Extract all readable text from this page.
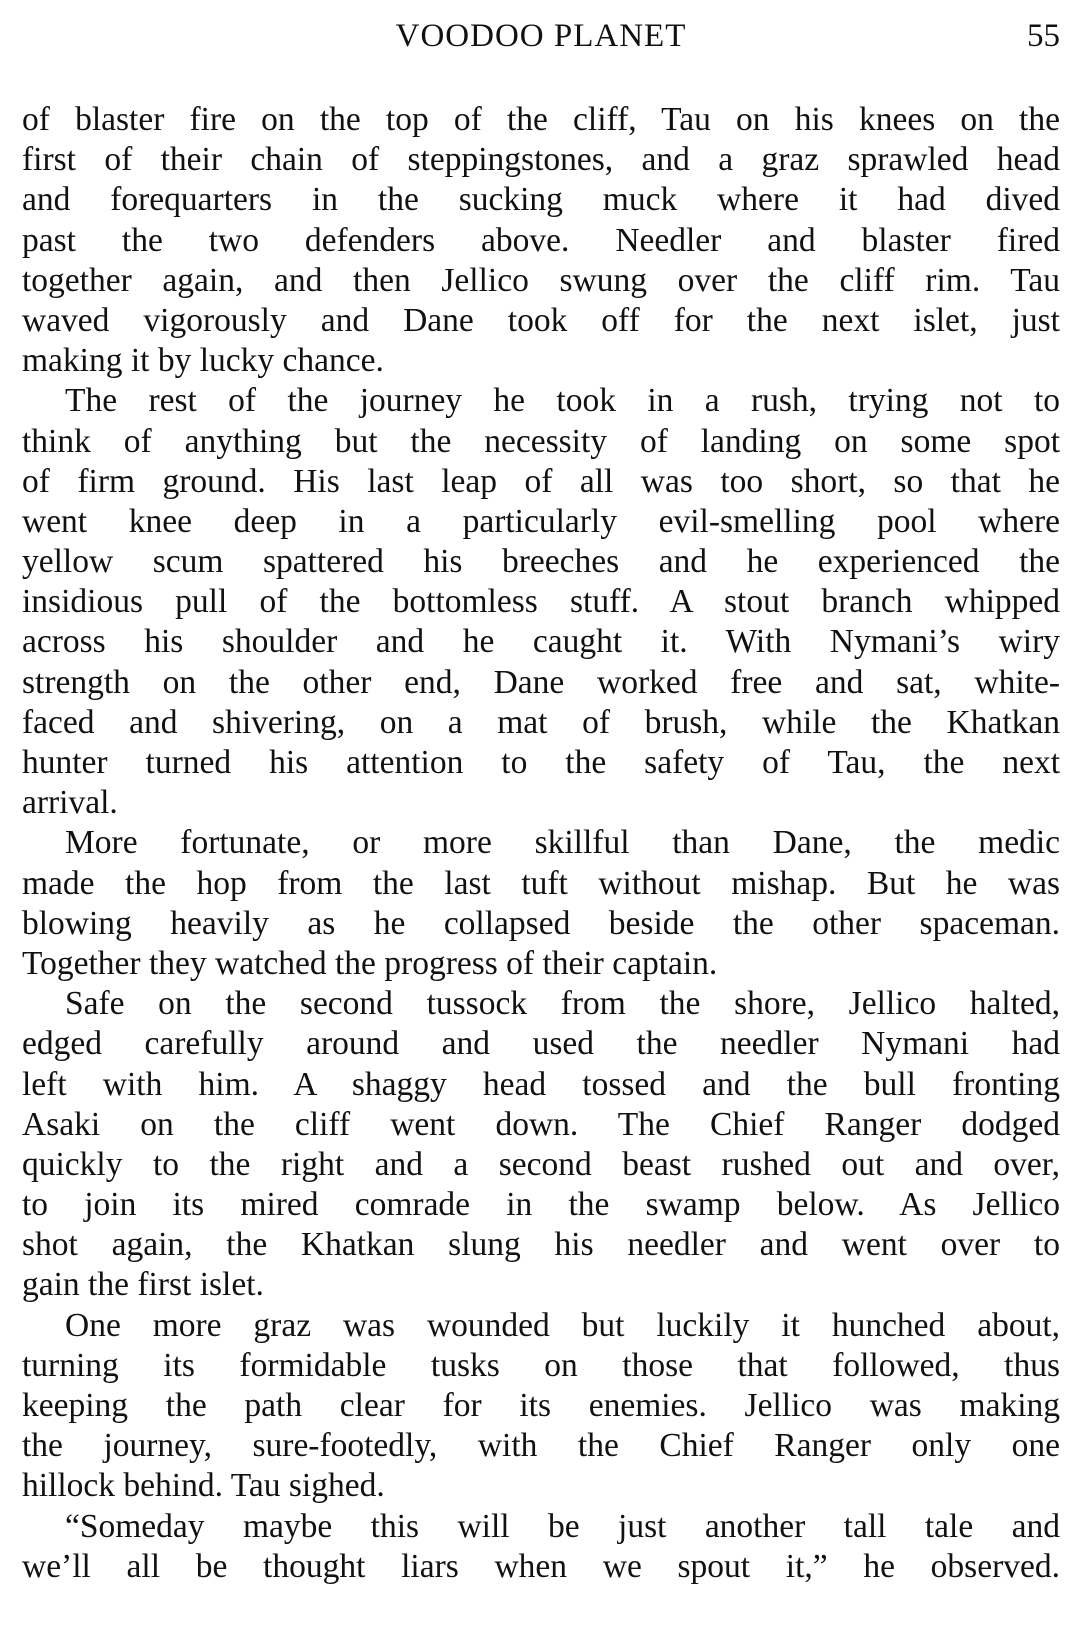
VOODOO PLANET	55

of blaster fire on the top of the cliff, Tau on his knees on the
first of their chain of steppingstones, and a graz sprawled head
and forequarters in the sucking muck where it had dived
past the two defenders above. Needler and blaster fired
together again, and then Jellico swung over the cliff rim. Tau
waved vigorously and Dane took off for the next islet, just
making it by lucky chance.

The rest of the journey he took in a rush, trying not to
think of anything but the necessity of landing on some spot
of firm ground. His last leap of all was too short, so that he
went knee deep in a particularly evil-smelling pool where
yellow scum spattered his breeches and he experienced the
insidious pull of the bottomless stuff. A stout branch whipped
across his shoulder and he caught it. With Nymani’s wiry
strength on the other end, Dane worked free and sat, white-
faced and shivering, on a mat of brush, while the Khatkan
hunter turned his attention to the safety of Tau, the next
arrival.

More fortunate, or more skillful than Dane, the medic
made the hop from the last tuft without mishap. But he was
blowing heavily as he collapsed beside the other spaceman.
Together they watched the progress of their captain.

Safe on the second tussock from the shore, Jellico halted,
edged carefully around and used the needler Nymani had
left with him. A shaggy head tossed and the bull fronting
Asaki on the cliff went down. The Chief Ranger dodged
quickly to the right and a second beast rushed out and over,
to join its mired comrade in the swamp below. As Jellico
shot again, the Khatkan slung his needler and went over to
gain the first islet.

One more graz was wounded but luckily it hunched about,
turning its formidable tusks on those that followed, thus
keeping the path clear for its enemies. Jellico was making
the journey, sure-footedly, with the Chief Ranger only one
hillock behind. Tau sighed.

“Someday maybe this will be just another tall tale and
we’ll all be thought liars when we spout it,” he observed.
